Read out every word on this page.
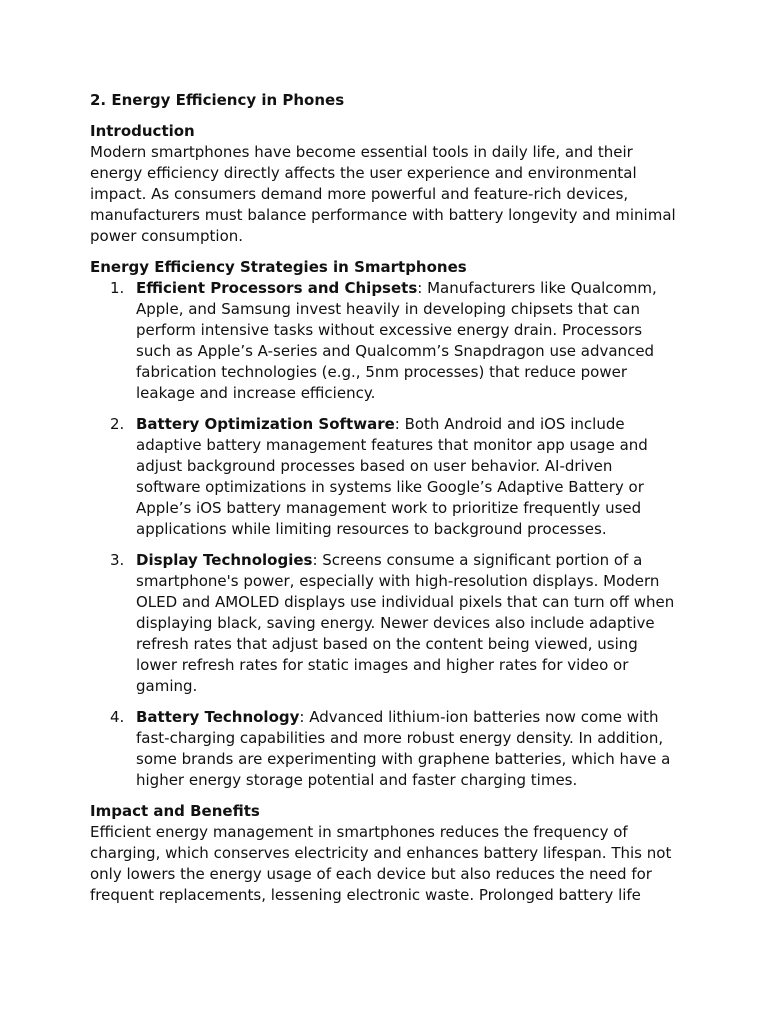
2. Energy Efficiency in Phones
Introduction

Modern smartphones have become essential tools in daily life, and their energy efficiency directly affects the user experience and environmental impact. As consumers demand more powerful and feature-rich devices, manufacturers must balance performance with battery longevity and minimal power consumption.

Energy Efficiency Strategies in Smartphones
1. Efficient Processors and Chipsets: Manufacturers like Qualcomm, Apple, and Samsung invest heavily in developing chipsets that can perform intensive tasks without excessive energy drain. Processors such as Apple’s A-series and Qualcomm’s Snapdragon use advanced fabrication technologies (e.g., 5nm processes) that reduce power leakage and increase efficiency.
2. Battery Optimization Software: Both Android and iOS include adaptive battery management features that monitor app usage and adjust background processes based on user behavior. AI-driven software optimizations in systems like Google’s Adaptive Battery or Apple’s iOS battery management work to prioritize frequently used applications while limiting resources to background processes.
3. Display Technologies: Screens consume a significant portion of a smartphone's power, especially with high-resolution displays. Modern OLED and AMOLED displays use individual pixels that can turn off when displaying black, saving energy. Newer devices also include adaptive refresh rates that adjust based on the content being viewed, using lower refresh rates for static images and higher rates for video or gaming.
4. Battery Technology: Advanced lithium-ion batteries now come with fast-charging capabilities and more robust energy density. In addition, some brands are experimenting with graphene batteries, which have a higher energy storage potential and faster charging times.
Impact and Benefits

Efficient energy management in smartphones reduces the frequency of charging, which conserves electricity and enhances battery lifespan. This not only lowers the energy usage of each device but also reduces the need for frequent replacements, lessening electronic waste. Prolonged battery life
